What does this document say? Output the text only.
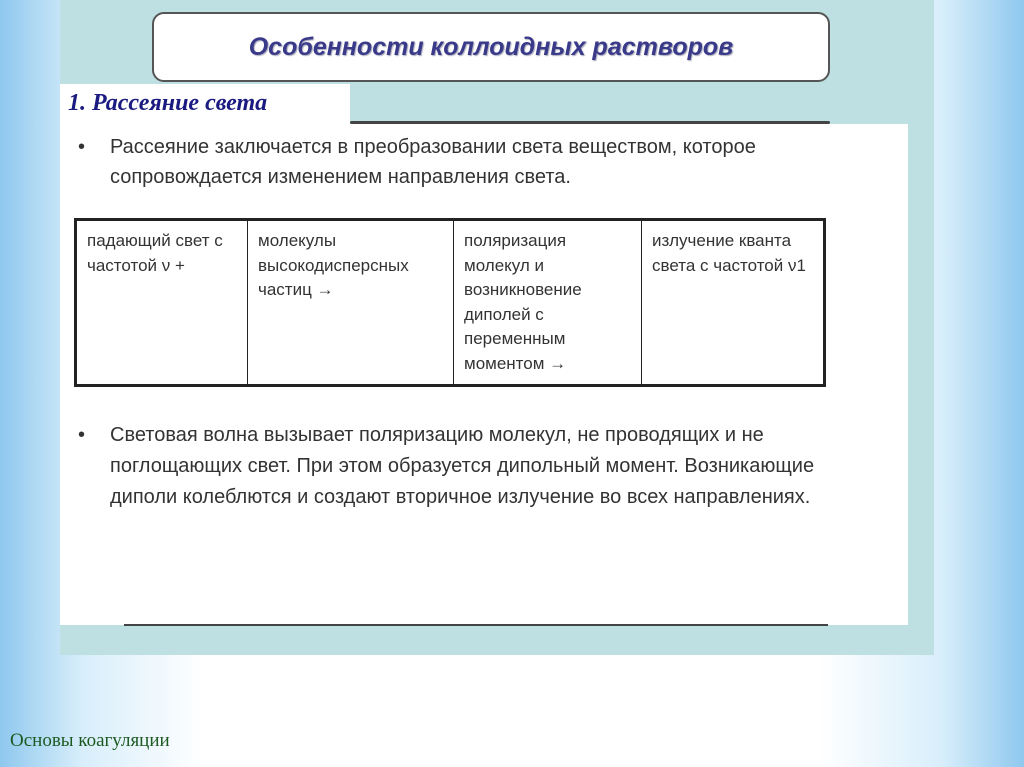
Особенности коллоидных растворов
1. Рассеяние света
• Рассеяние заключается в преобразовании света веществом, которое сопровождается изменением направления света.
падающий свет с частотой ν +	молекулы высокодисперсных частиц →	поляризация молекул и возникновение диполей с переменным моментом →	излучение кванта света с частотой ν1
• Световая волна вызывает поляризацию молекул, не проводящих и не поглощающих свет. При этом образуется дипольный момент. Возникающие диполи колеблются и создают вторичное излучение во всех направлениях.
Основы коагуляции
